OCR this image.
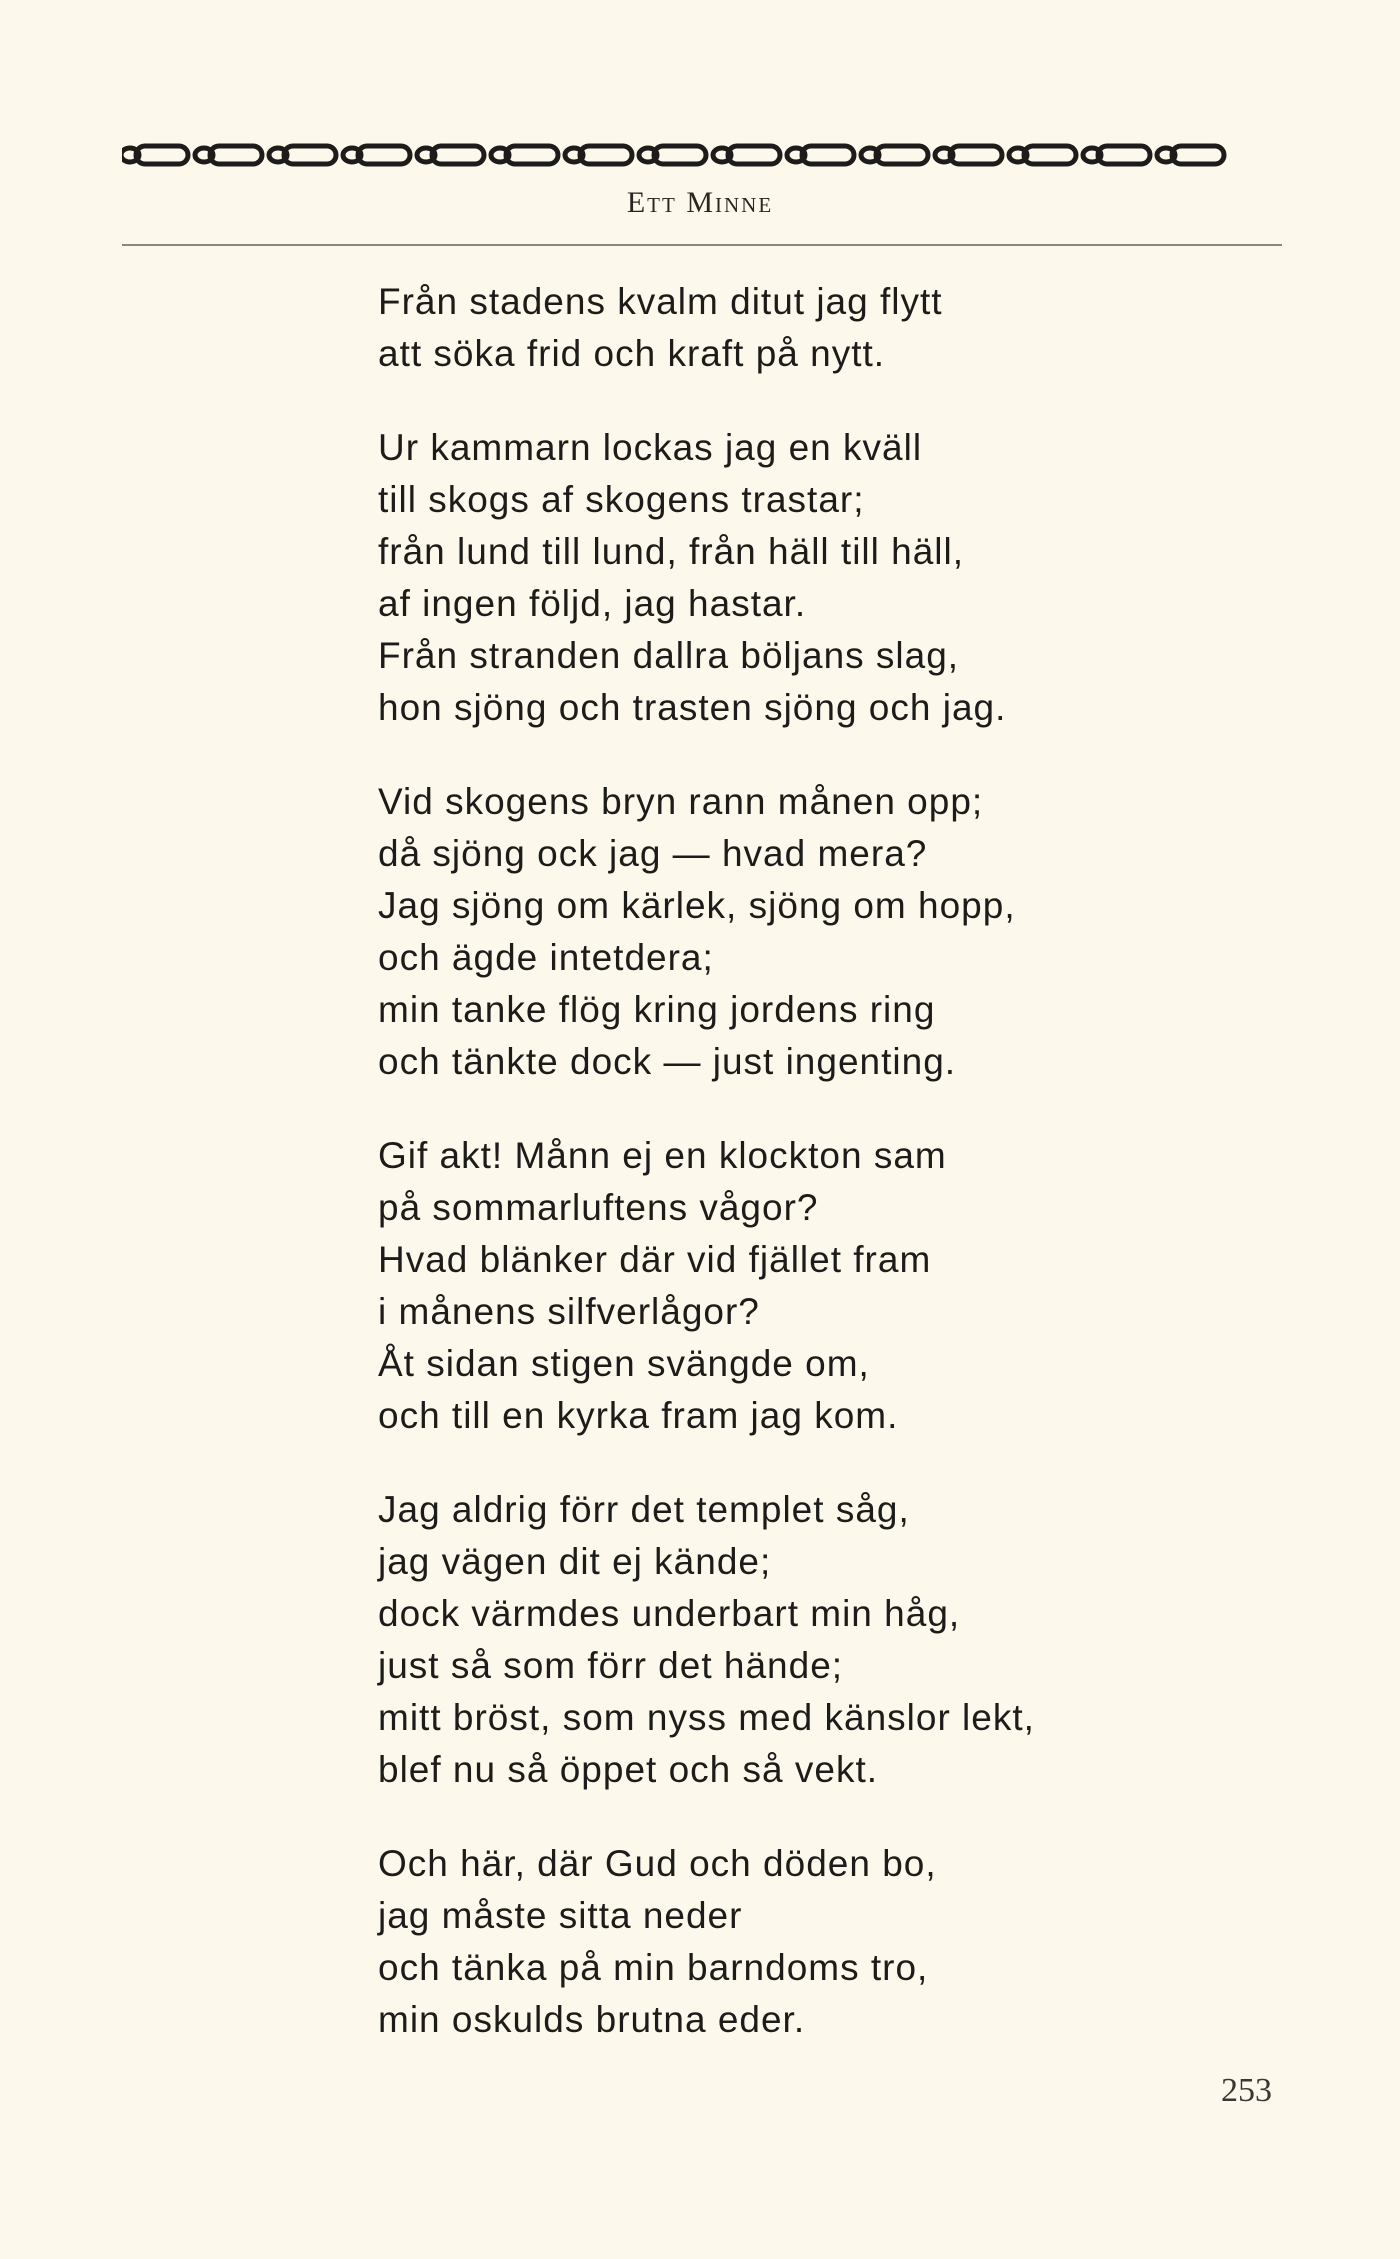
Ett Minne
Från stadens kvalm ditut jag flytt
att söka frid och kraft på nytt.
Ur kammarn lockas jag en kväll
till skogs af skogens trastar;
från lund till lund, från häll till häll,
af ingen följd, jag hastar.
Från stranden dallra böljans slag,
hon sjöng och trasten sjöng och jag.
Vid skogens bryn rann månen opp;
då sjöng ock jag — hvad mera?
Jag sjöng om kärlek, sjöng om hopp,
och ägde intetdera;
min tanke flög kring jordens ring
och tänkte dock — just ingenting.
Gif akt! Månn ej en klockton sam
på sommarluftens vågor?
Hvad blänker där vid fjället fram
i månens silfverlågor?
Åt sidan stigen svängde om,
och till en kyrka fram jag kom.
Jag aldrig förr det templet såg,
jag vägen dit ej kände;
dock värmdes underbart min håg,
just så som förr det hände;
mitt bröst, som nyss med känslor lekt,
blef nu så öppet och så vekt.
Och här, där Gud och döden bo,
jag måste sitta neder
och tänka på min barndoms tro,
min oskulds brutna eder.
253
